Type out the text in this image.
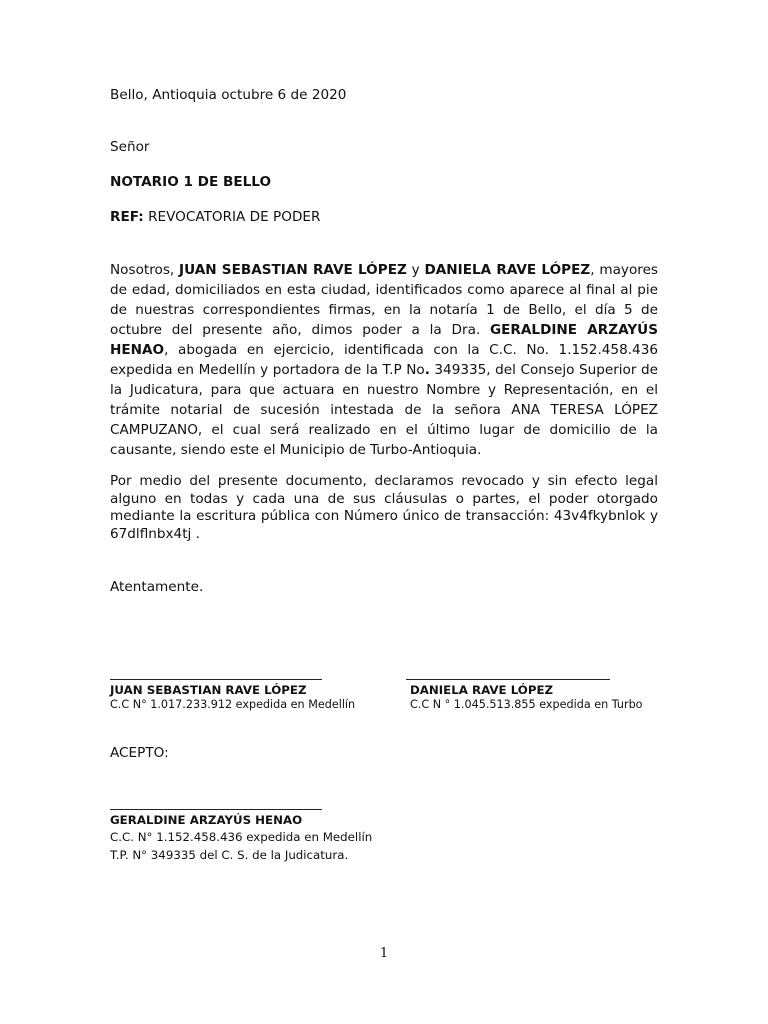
Bello, Antioquia octubre 6 de 2020
Señor
NOTARIO 1 DE BELLO
REF: REVOCATORIA DE PODER
Nosotros, JUAN SEBASTIAN RAVE LÓPEZ y DANIELA RAVE LÓPEZ, mayores de edad, domiciliados en esta ciudad, identificados como aparece al final al pie de nuestras correspondientes firmas, en la notaría 1 de Bello, el día 5 de octubre del presente año, dimos poder a la Dra. GERALDINE ARZAYÚS HENAO, abogada en ejercicio, identificada con la C.C. No. 1.152.458.436 expedida en Medellín y portadora de la T.P No. 349335, del Consejo Superior de la Judicatura, para que actuara en nuestro Nombre y Representación, en el trámite notarial de sucesión intestada de la señora ANA TERESA LÓPEZ CAMPUZANO, el cual será realizado en el último lugar de domicilio de la causante, siendo este el Municipio de Turbo-Antioquia.
Por medio del presente documento, declaramos revocado y sin efecto legal alguno en todas y cada una de sus cláusulas o partes, el poder otorgado mediante la escritura pública con Número único de transacción: 43v4fkybnlok y 67dlflnbx4tj .
Atentamente.
JUAN SEBASTIAN RAVE LÓPEZ
C.C N° 1.017.233.912 expedida en Medellín
DANIELA RAVE LÓPEZ
C.C N ° 1.045.513.855 expedida en Turbo
ACEPTO:
GERALDINE ARZAYÚS HENAO
C.C. N° 1.152.458.436 expedida en Medellín
T.P. N° 349335 del C. S. de la Judicatura.
1
